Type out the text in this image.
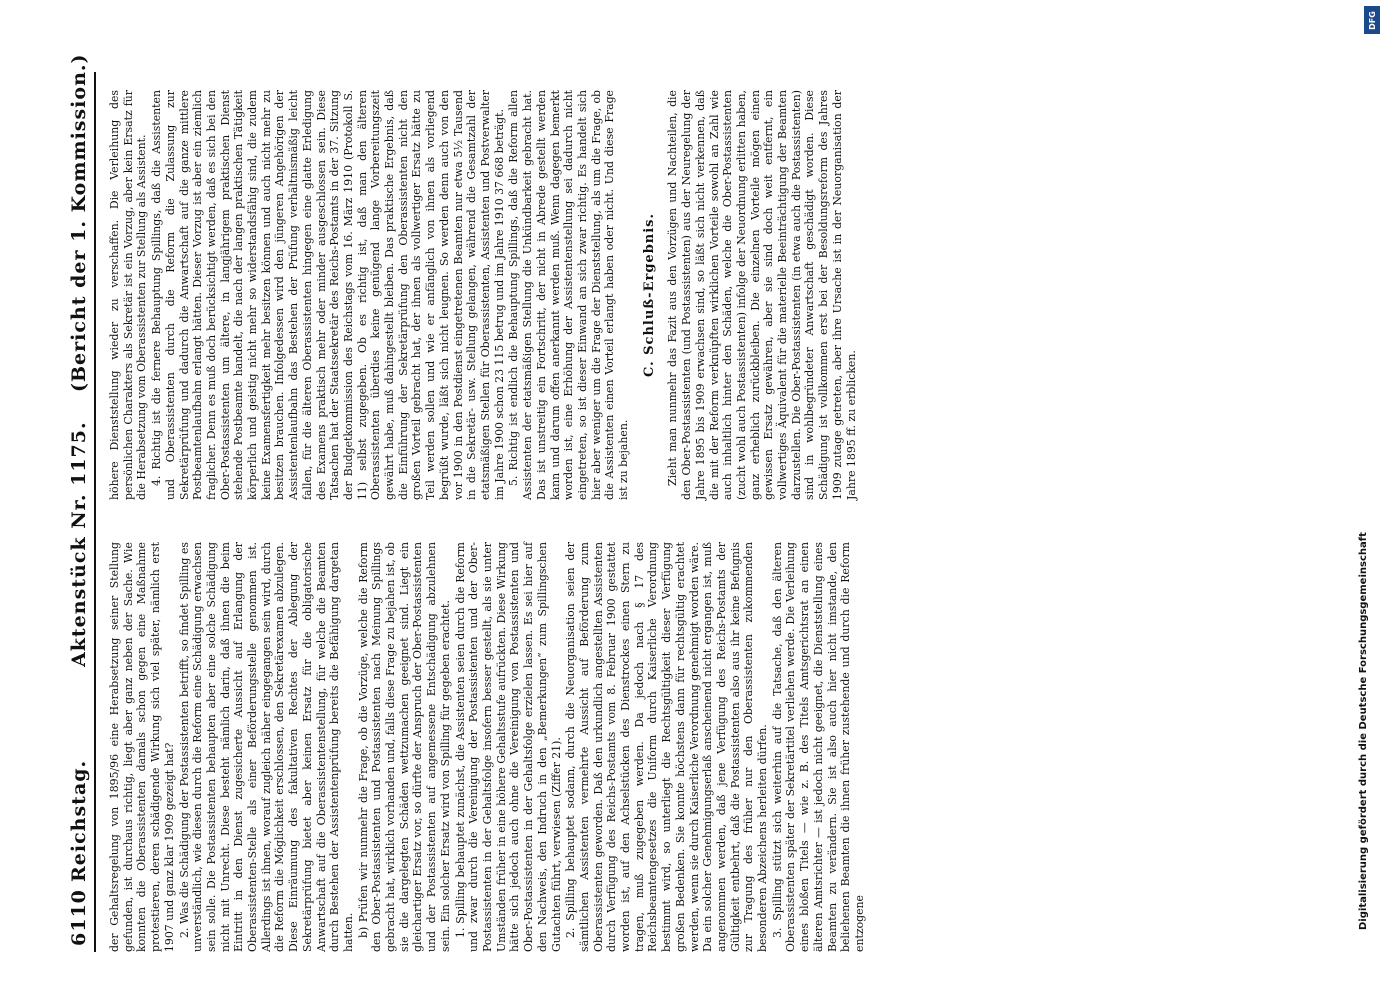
6110
Reichstag.
Aktenstück Nr. 1175.
(Bericht der 1. Kommission.)

der Gehaltsregelung von 1895/96 eine Herabsetzung seiner Stellung gefunden, ist durchaus richtig, liegt aber ganz neben der Sache. Wie konnten die Oberassistenten damals schon gegen eine Maßnahme protestieren, deren schädigende Wirkung sich viel später, nämlich erst 1907 und ganz klar 1909 gezeigt hat? 2. Was die Schädigung der Postassistenten betrifft, so findet Spilling es unverständlich, wie diesen durch die Reform eine Schädigung erwachsen sein solle. Die Postassistenten behaupten aber eine solche Schädigung nicht mit Unrecht. Diese besteht nämlich darin, daß ihnen die beim Eintritt in den Dienst zugesicherte Aussicht auf Erlangung der Oberassistenten-Stelle als einer Beförderungsstelle genommen ist. Allerdings ist ihnen, worauf zugleich näher eingegangen sein wird, durch die Reform die Möglichkeit erschlossen, den Sekretärexamen abzulegen. Diese Einräumung des fakultativen Rechtes der Ablegung der Sekretärprüfung bietet aber keinen Ersatz für die obligatorische Anwartschaft auf die Oberassistentenstellung, für welche die Beamten durch Bestehen der Assistentenprüfung bereits die Befähigung dargetan hatten. b) Prüfen wir nunmehr die Frage, ob die Vorzüge, welche die Reform den Ober-Postassistenten und Postassistenten nach Meinung Spillings gebracht hat, wirklich vorhanden und, falls diese Frage zu bejahen ist, ob sie die dargelegten Schäden wettzumachen geeignet sind. Liegt ein gleichartiger Ersatz vor, so dürfte der Anspruch der Ober-Postassistenten und der Postassistenten auf angemessene Entschädigung abzulehnen sein. Ein solcher Ersatz wird von Spilling für gegeben erachtet. 1. Spilling behauptet zunächst, die Assistenten seien durch die Reform und zwar durch die Vereinigung der Postassistenten und der Ober-Postassistenten in der Gehaltsfolge insofern besser gestellt, als sie unter Umständen früher in eine höhere Gehaltsstufe aufrückten. Diese Wirkung hätte sich jedoch auch ohne die Vereinigung von Postassistenten und Ober-Postassistenten in der Gehaltsfolge erzielen lassen. Es sei hier auf den Nachweis, den Indruch in den „Bemerkungen“ zum Spillingschen Gutachten führt, verwiesen (Ziffer 21). 2. Spilling behauptet sodann, durch die Neuorganisation seien der sämtlichen Assistenten vermehrte Aussicht auf Beförderung zum Oberassistenten geworden. Daß den urkundlich angestellten Assistenten durch Verfügung des Reichs-Postamts vom 8. Februar 1900 gestattet worden ist, auf den Achselstücken des Dienstrockes einen Stern zu tragen, muß zugegeben werden. Da jedoch nach § 17 des Reichsbeamtengesetzes die Uniform durch Kaiserliche Verordnung bestimmt wird, so unterliegt die Rechtsgültigkeit dieser Verfügung großen Bedenken. Sie konnte höchstens dann für rechtsgültig erachtet werden, wenn sie durch Kaiserliche Verordnung genehmigt worden wäre. Da ein solcher Genehmigungserlaß anscheinend nicht ergangen ist, muß angenommen werden, daß jene Verfügung des Reichs-Postamts der Gültigkeit entbehrt, daß die Postassistenten also aus ihr keine Befugnis zur Tragung des früher nur den Oberassistenten zukommenden besonderen Abzeichens herleiten dürfen. 3. Spilling stützt sich weiterhin auf die Tatsache, daß den älteren Oberassistenten später der Sekretärtitel verliehen werde. Die Verleihung eines bloßen Titels — wie z. B. des Titels Amtsgerichtsrat an einen älteren Amtsrichter — ist jedoch nicht geeignet, die Dienststellung eines Beamten zu verändern. Sie ist also auch hier nicht imstande, den beliehenen Beamten die ihnen früher zustehende und durch die Reform entzogene

höhere Dienststellung wieder zu verschaffen. Die Verleihung des persönlichen Charakters als Sekretär ist ein Vorzug, aber kein Ersatz für die Herabsetzung vom Oberassistenten zur Stellung als Assistent. 4. Richtig ist die fernere Behauptung Spillings, daß die Assistenten und Oberassistenten durch die Reform die Zulassung zur Sekretärprüfung und dadurch die Anwartschaft auf die ganze mittlere Postbeamtenlaufbahn erlangt hätten. Dieser Vorzug ist aber ein ziemlich fraglicher. Denn es muß doch berücksichtigt werden, daß es sich bei den Ober-Postassistenten um ältere, in langjährigem praktischen Dienst stehende Postbeamte handelt, die nach der langen praktischen Tätigkeit körperlich und geistig nicht mehr so widerstandsfähig sind, die zudem keine Examensfertigkeit mehr besitzen können und auch nicht mehr zu besitzen brauchen. Infolgedessen wird den jüngeren Angehörigen der Assistentenlaufbahn das Bestehen der Prüfung verhältnismäßig leicht fallen, für die älteren Oberassistenten hingegen eine glatte Erledigung des Examens praktisch mehr oder minder ausgeschlossen sein. Diese Tatsachen hat der Staatssekretär des Reichs-Postamts in der 37. Sitzung der Budgetkommission des Reichstags vom 16. März 1910 (Protokoll S. 11) selbst zugegeben. Ob es richtig ist, daß man den älteren Oberassistenten überdies keine genügend lange Vorbereitungszeit gewährt habe, muß dahingestellt bleiben. Das praktische Ergebnis, daß die Einführung der Sekretärprüfung den Oberassistenten nicht den großen Vorteil gebracht hat, der ihnen als vollwertiger Ersatz hätte zu Teil werden sollen und wie er anfänglich von ihnen als vorliegend begrüßt wurde, läßt sich nicht leugnen. So werden denn auch von den vor 1900 in den Postdienst eingetretenen Beamten nur etwa 5½ Tausend in die Sekretär- usw. Stellung gelangen, während die Gesamtzahl der etatsmäßigen Stellen für Oberassistenten, Assistenten und Postverwalter im Jahre 1900 schon 23 115 betrug und im Jahre 1910 37 668 beträgt. 5. Richtig ist endlich die Behauptung Spillings, daß die Reform allen Assistenten der etatsmäßigen Stellung die Unkündbarkeit gebracht hat. Das ist unstreitig ein Fortschritt, der nicht in Abrede gestellt werden kann und darum offen anerkannt werden muß. Wenn dagegen bemerkt worden ist, eine Erhöhung der Assistentenstellung sei dadurch nicht eingetreten, so ist dieser Einwand an sich zwar richtig. Es handelt sich hier aber weniger um die Frage der Dienststellung, als um die Frage, ob die Assistenten einen Vorteil erlangt haben oder nicht. Und diese Frage ist zu bejahen.

C. Schluß-Ergebnis. Zieht man nunmehr das Fazit aus den Vorzügen und Nachteilen, die den Ober-Postassistenten (und Postassistenten) aus der Neuregelung der Jahre 1895 bis 1909 erwachsen sind, so läßt sich nicht verkennen, daß die mit der Reform verknüpften wirklichen Vorteile sowohl an Zahl wie auch inhaltlich hinter den Schäden, welche die Ober-Postassistenten (zucht wohl auch Postassistenten) infolge der Neuordnung erlitten haben, ganz erheblich zurückbleiben. Die einzelnen Vorteile mögen einen gewissen Ersatz gewähren, aber sie sind doch weit entfernt, ein vollwertiges Äquivalent für die materielle Beeinträchtigung der Beamten darzustellen. Die Ober-Postassistenten (in etwa auch die Postassistenten) sind in wohlbegründeter Anwartschaft geschädigt worden. Diese Schädigung ist vollkommen erst bei der Besoldungsreform des Jahres 1909 zutage getreten, aber ihre Ursache ist in der Neuorganisation der Jahre 1895 ff. zu erblicken.

DFG
Digitalisierung gefördert durch die Deutsche Forschungsgemeinschaft
